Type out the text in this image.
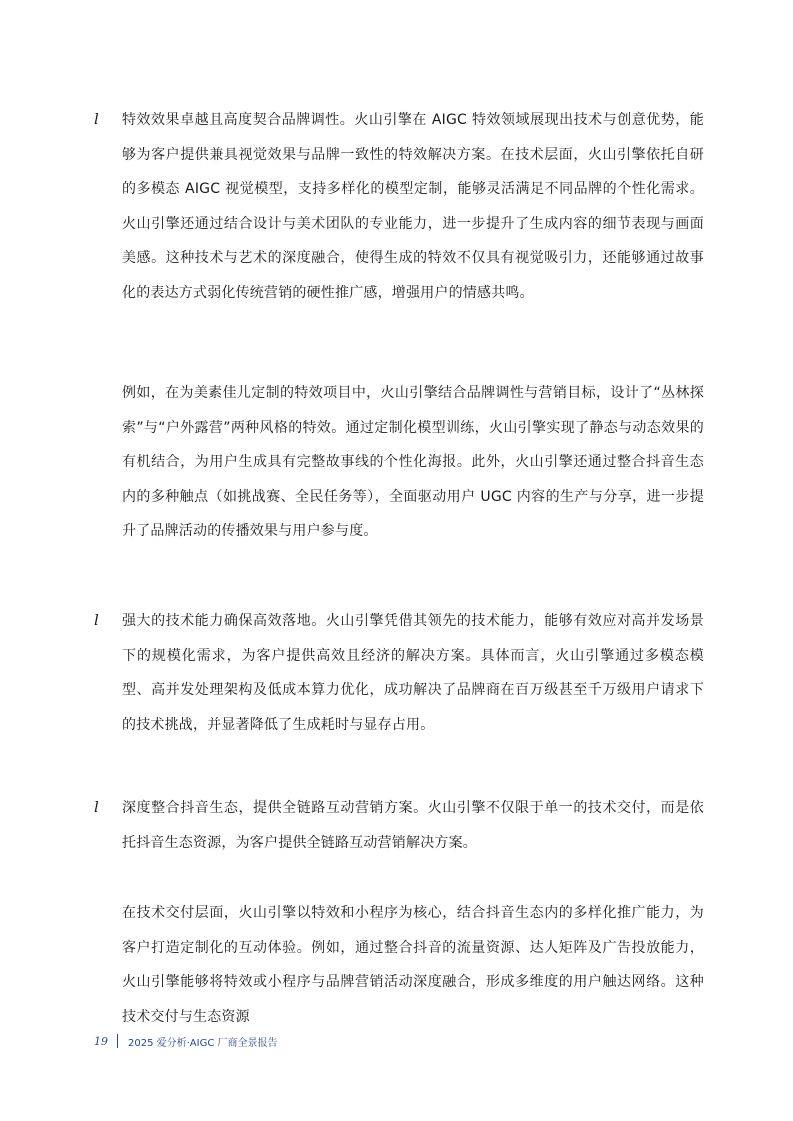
l 特效效果卓越且高度契合品牌调性。火山引擎在 AIGC 特效领域展现出技术与创意优势，能够为客户提供兼具视觉效果与品牌一致性的特效解决方案。在技术层面，火山引擎依托自研的多模态 AIGC 视觉模型，支持多样化的模型定制，能够灵活满足不同品牌的个性化需求。火山引擎还通过结合设计与美术团队的专业能力，进一步提升了生成内容的细节表现与画面美感。这种技术与艺术的深度融合，使得生成的特效不仅具有视觉吸引力，还能够通过故事化的表达方式弱化传统营销的硬性推广感，增强用户的情感共鸣。
例如，在为美素佳儿定制的特效项目中，火山引擎结合品牌调性与营销目标，设计了“丛林探索”与“户外露营”两种风格的特效。通过定制化模型训练，火山引擎实现了静态与动态效果的有机结合，为用户生成具有完整故事线的个性化海报。此外，火山引擎还通过整合抖音生态内的多种触点（如挑战赛、全民任务等），全面驱动用户 UGC 内容的生产与分享，进一步提升了品牌活动的传播效果与用户参与度。
l 强大的技术能力确保高效落地。火山引擎凭借其领先的技术能力，能够有效应对高并发场景下的规模化需求，为客户提供高效且经济的解决方案。具体而言，火山引擎通过多模态模型、高并发处理架构及低成本算力优化，成功解决了品牌商在百万级甚至千万级用户请求下的技术挑战，并显著降低了生成耗时与显存占用。
l 深度整合抖音生态，提供全链路互动营销方案。火山引擎不仅限于单一的技术交付，而是依托抖音生态资源，为客户提供全链路互动营销解决方案。
在技术交付层面，火山引擎以特效和小程序为核心，结合抖音生态内的多样化推广能力，为客户打造定制化的互动体验。例如，通过整合抖音的流量资源、达人矩阵及广告投放能力，火山引擎能够将特效或小程序与品牌营销活动深度融合，形成多维度的用户触达网络。这种技术交付与生态资源
19 2025 爱分析·AIGC 厂商全景报告
